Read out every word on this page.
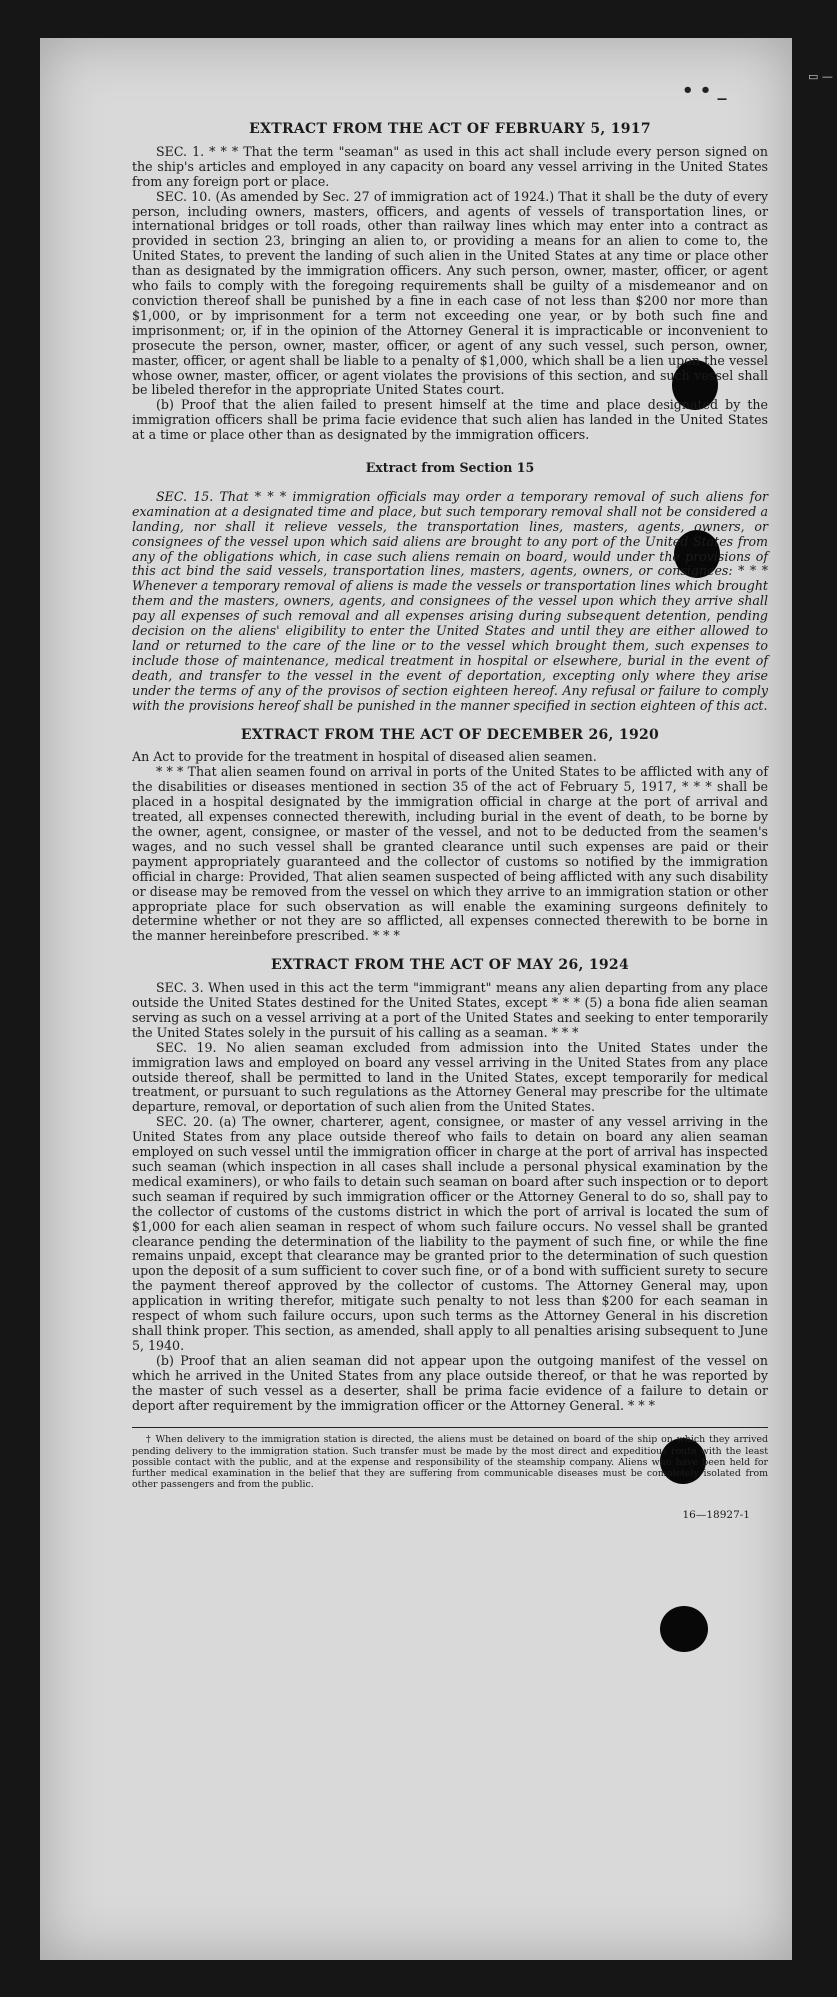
▭ —
• • _
EXTRACT FROM THE ACT OF FEBRUARY 5, 1917

SEC. 1. * * * That the term "seaman" as used in this act shall include every person signed on the ship's articles and employed in any capacity on board any vessel arriving in the United States from any foreign port or place.

SEC. 10. (As amended by Sec. 27 of immigration act of 1924.) That it shall be the duty of every person, including owners, masters, officers, and agents of vessels of transportation lines, or international bridges or toll roads, other than railway lines which may enter into a contract as provided in section 23, bringing an alien to, or providing a means for an alien to come to, the United States, to prevent the landing of such alien in the United States at any time or place other than as designated by the immigration officers. Any such person, owner, master, officer, or agent who fails to comply with the foregoing requirements shall be guilty of a misdemeanor and on conviction thereof shall be punished by a fine in each case of not less than $200 nor more than $1,000, or by imprisonment for a term not exceeding one year, or by both such fine and imprisonment; or, if in the opinion of the Attorney General it is impracticable or inconvenient to prosecute the person, owner, master, officer, or agent of any such vessel, such person, owner, master, officer, or agent shall be liable to a penalty of $1,000, which shall be a lien upon the vessel whose owner, master, officer, or agent violates the provisions of this section, and such vessel shall be libeled therefor in the appropriate United States court.

(b) Proof that the alien failed to present himself at the time and place designated by the immigration officers shall be prima facie evidence that such alien has landed in the United States at a time or place other than as designated by the immigration officers.

Extract from Section 15

SEC. 15. That * * * immigration officials may order a temporary removal of such aliens for examination at a designated time and place, but such temporary removal shall not be considered a landing, nor shall it relieve vessels, the transportation lines, masters, agents, owners, or consignees of the vessel upon which said aliens are brought to any port of the United States from any of the obligations which, in case such aliens remain on board, would under the provisions of this act bind the said vessels, transportation lines, masters, agents, owners, or consignees: * * * Whenever a temporary removal of aliens is made the vessels or transportation lines which brought them and the masters, owners, agents, and consignees of the vessel upon which they arrive shall pay all expenses of such removal and all expenses arising during subsequent detention, pending decision on the aliens' eligibility to enter the United States and until they are either allowed to land or returned to the care of the line or to the vessel which brought them, such expenses to include those of maintenance, medical treatment in hospital or elsewhere, burial in the event of death, and transfer to the vessel in the event of deportation, excepting only where they arise under the terms of any of the provisos of section eighteen hereof. Any refusal or failure to comply with the provisions hereof shall be punished in the manner specified in section eighteen of this act.

EXTRACT FROM THE ACT OF DECEMBER 26, 1920

An Act to provide for the treatment in hospital of diseased alien seamen.

* * * That alien seamen found on arrival in ports of the United States to be afflicted with any of the disabilities or diseases mentioned in section 35 of the act of February 5, 1917, * * * shall be placed in a hospital designated by the immigration official in charge at the port of arrival and treated, all expenses connected therewith, including burial in the event of death, to be borne by the owner, agent, consignee, or master of the vessel, and not to be deducted from the seamen's wages, and no such vessel shall be granted clearance until such expenses are paid or their payment appropriately guaranteed and the collector of customs so notified by the immigration official in charge: Provided, That alien seamen suspected of being afflicted with any such disability or disease may be removed from the vessel on which they arrive to an immigration station or other appropriate place for such observation as will enable the examining surgeons definitely to determine whether or not they are so afflicted, all expenses connected therewith to be borne in the manner hereinbefore prescribed. * * *

EXTRACT FROM THE ACT OF MAY 26, 1924

SEC. 3. When used in this act the term "immigrant" means any alien departing from any place outside the United States destined for the United States, except * * * (5) a bona fide alien seaman serving as such on a vessel arriving at a port of the United States and seeking to enter temporarily the United States solely in the pursuit of his calling as a seaman. * * *

SEC. 19. No alien seaman excluded from admission into the United States under the immigration laws and employed on board any vessel arriving in the United States from any place outside thereof, shall be permitted to land in the United States, except temporarily for medical treatment, or pursuant to such regulations as the Attorney General may prescribe for the ultimate departure, removal, or deportation of such alien from the United States.

SEC. 20. (a) The owner, charterer, agent, consignee, or master of any vessel arriving in the United States from any place outside thereof who fails to detain on board any alien seaman employed on such vessel until the immigration officer in charge at the port of arrival has inspected such seaman (which inspection in all cases shall include a personal physical examination by the medical examiners), or who fails to detain such seaman on board after such inspection or to deport such seaman if required by such immigration officer or the Attorney General to do so, shall pay to the collector of customs of the customs district in which the port of arrival is located the sum of $1,000 for each alien seaman in respect of whom such failure occurs. No vessel shall be granted clearance pending the determination of the liability to the payment of such fine, or while the fine remains unpaid, except that clearance may be granted prior to the determination of such question upon the deposit of a sum sufficient to cover such fine, or of a bond with sufficient surety to secure the payment thereof approved by the collector of customs. The Attorney General may, upon application in writing therefor, mitigate such penalty to not less than $200 for each seaman in respect of whom such failure occurs, upon such terms as the Attorney General in his discretion shall think proper. This section, as amended, shall apply to all penalties arising subsequent to June 5, 1940.

(b) Proof that an alien seaman did not appear upon the outgoing manifest of the vessel on which he arrived in the United States from any place outside thereof, or that he was reported by the master of such vessel as a deserter, shall be prima facie evidence of a failure to detain or deport after requirement by the immigration officer or the Attorney General. * * *

† When delivery to the immigration station is directed, the aliens must be detained on board of the ship on which they arrived pending delivery to the immigration station. Such transfer must be made by the most direct and expeditious route with the least possible contact with the public, and at the expense and responsibility of the steamship company. Aliens who have been held for further medical examination in the belief that they are suffering from communicable diseases must be completely isolated from other passengers and from the public.

16—18927-1
